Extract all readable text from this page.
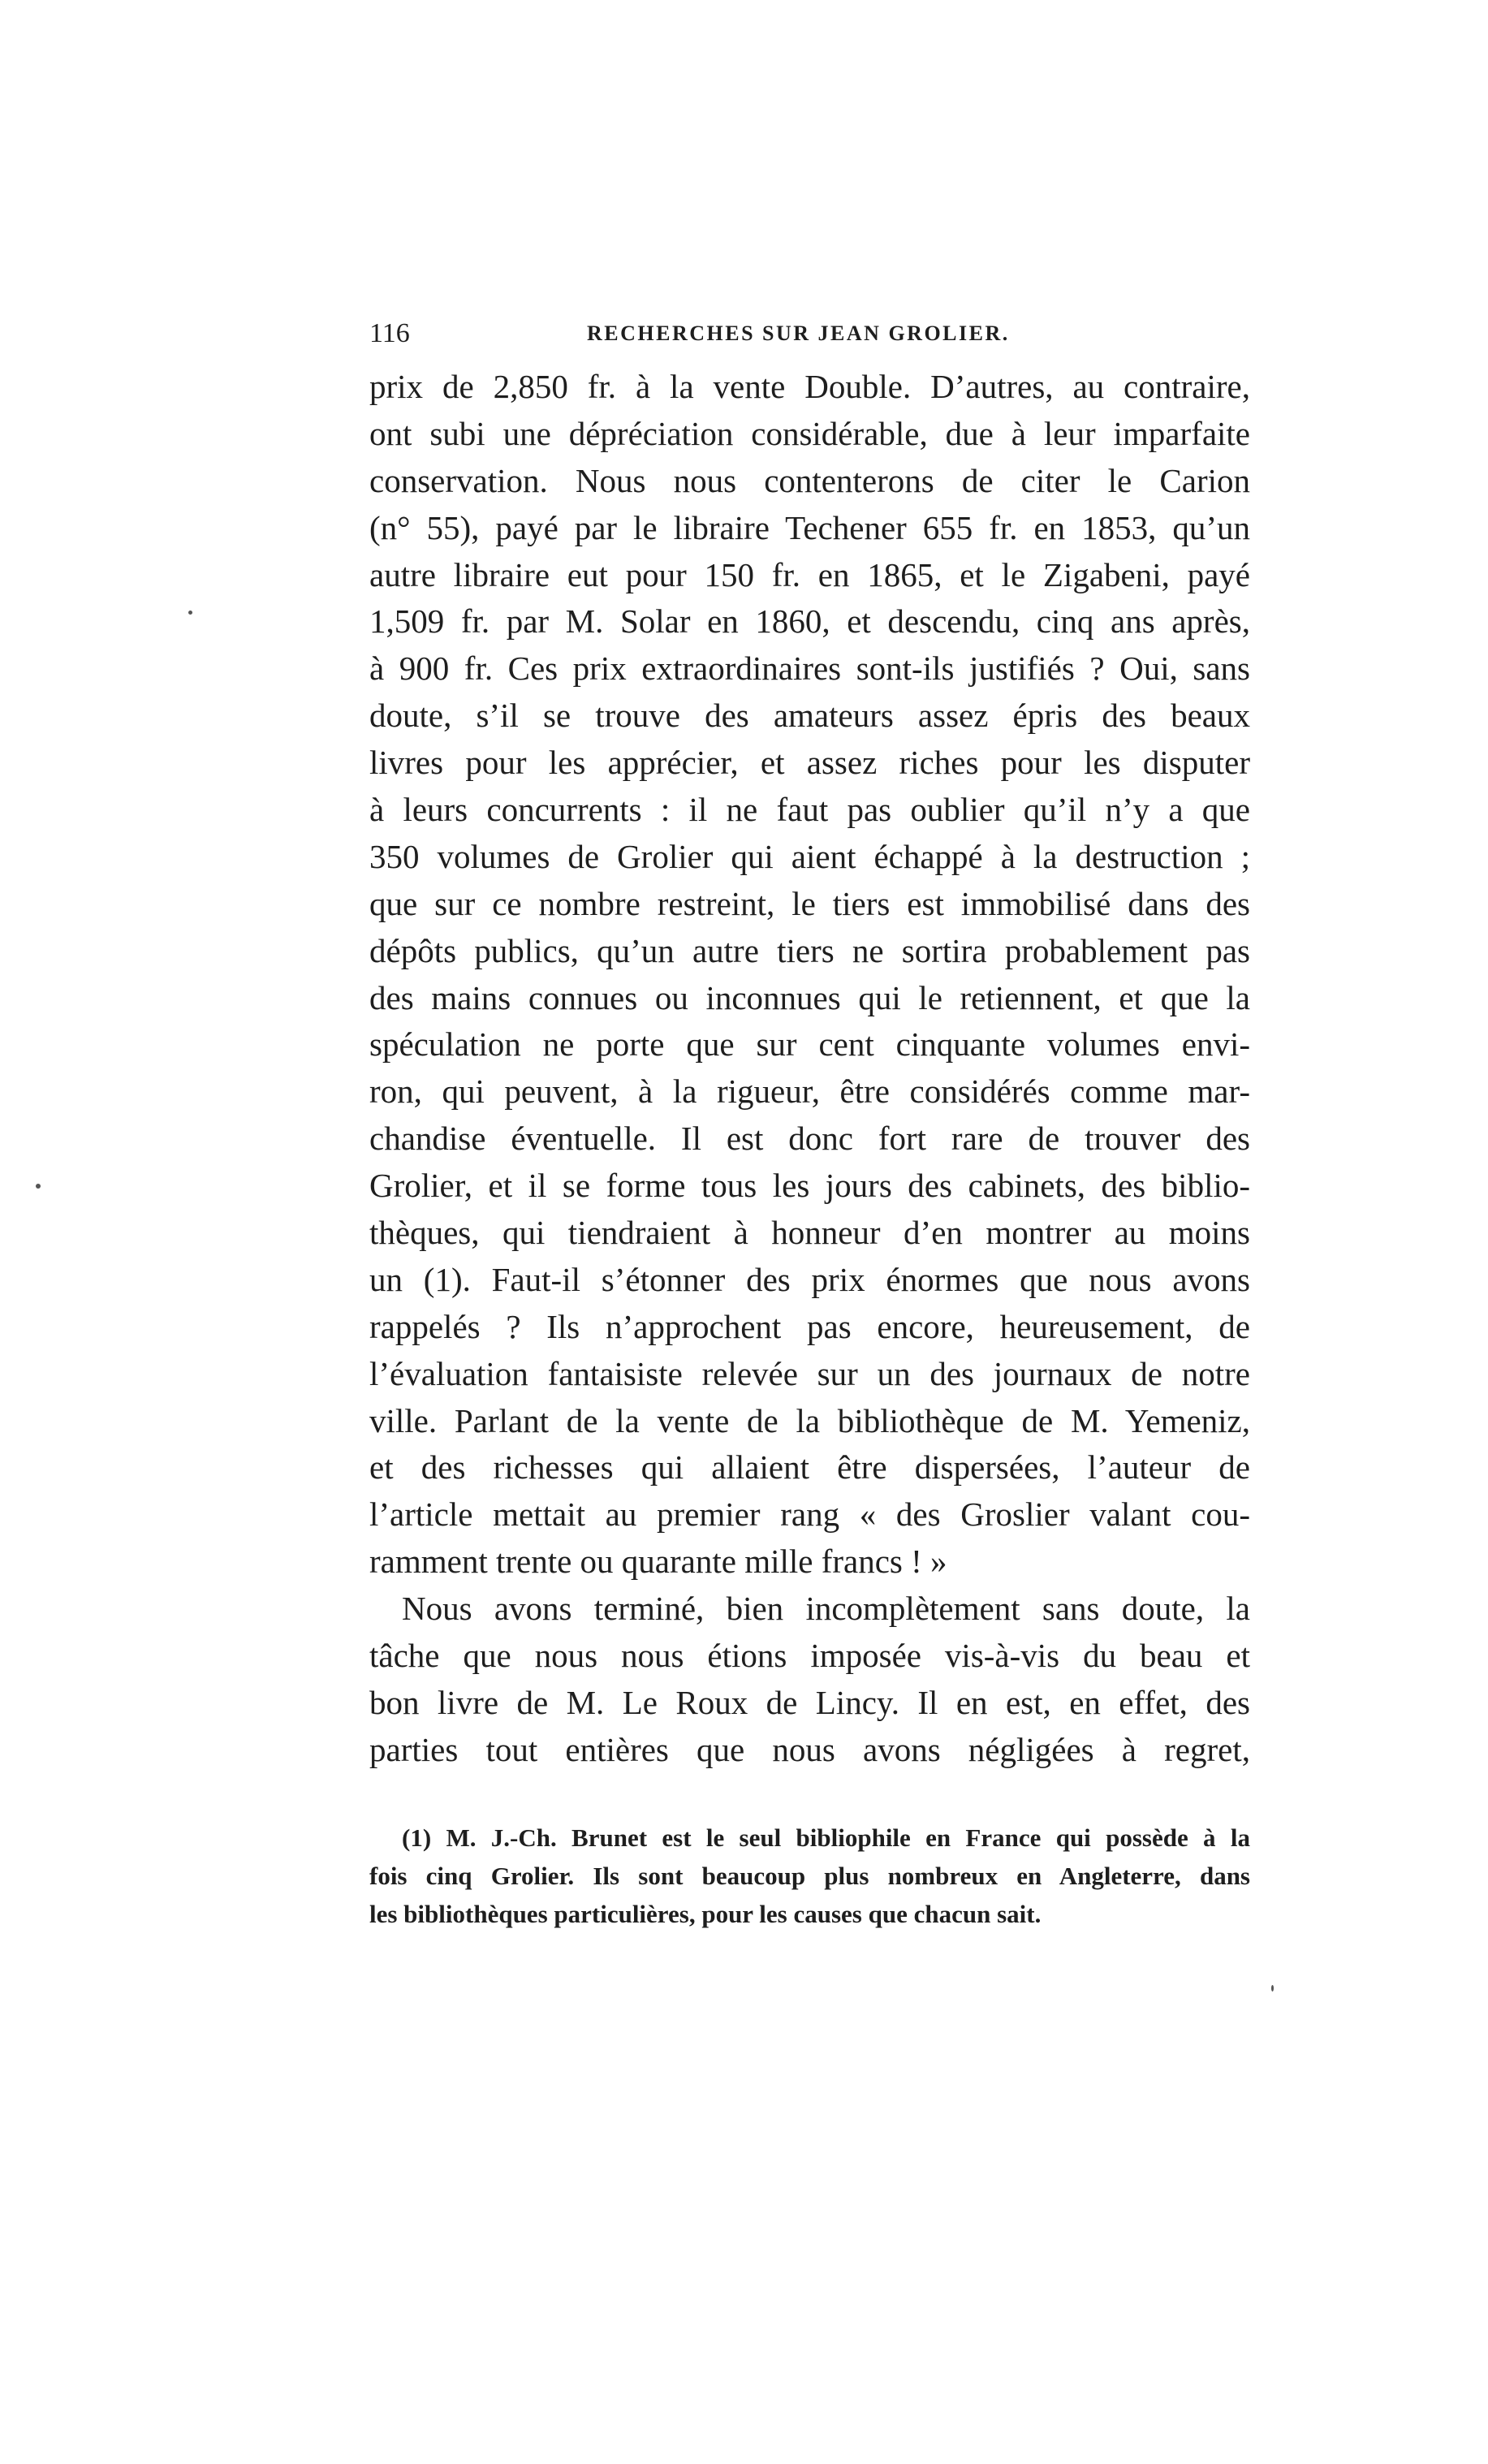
116	RECHERCHES SUR JEAN GROLIER.
prix de 2,850 fr. à la vente Double. D’autres, au contraire,
ont subi une dépréciation considérable, due à leur imparfaite
conservation. Nous nous contenterons de citer le Carion
(n° 55), payé par le libraire Techener 655 fr. en 1853, qu’un
autre libraire eut pour 150 fr. en 1865, et le Zigabeni, payé
1,509 fr. par M. Solar en 1860, et descendu, cinq ans après,
à 900 fr. Ces prix extraordinaires sont-ils justifiés ? Oui, sans
doute, s’il se trouve des amateurs assez épris des beaux
livres pour les apprécier, et assez riches pour les disputer
à leurs concurrents : il ne faut pas oublier qu’il n’y a que
350 volumes de Grolier qui aient échappé à la destruction ;
que sur ce nombre restreint, le tiers est immobilisé dans des
dépôts publics, qu’un autre tiers ne sortira probablement pas
des mains connues ou inconnues qui le retiennent, et que la
spéculation ne porte que sur cent cinquante volumes envi-
ron, qui peuvent, à la rigueur, être considérés comme mar-
chandise éventuelle. Il est donc fort rare de trouver des
Grolier, et il se forme tous les jours des cabinets, des biblio-
thèques, qui tiendraient à honneur d’en montrer au moins
un (1). Faut-il s’étonner des prix énormes que nous avons
rappelés ? Ils n’approchent pas encore, heureusement, de
l’évaluation fantaisiste relevée sur un des journaux de notre
ville. Parlant de la vente de la bibliothèque de M. Yemeniz,
et des richesses qui allaient être dispersées, l’auteur de
l’article mettait au premier rang « des Groslier valant cou-
ramment trente ou quarante mille francs ! »
Nous avons terminé, bien incomplètement sans doute, la
tâche que nous nous étions imposée vis-à-vis du beau et
bon livre de M. Le Roux de Lincy. Il en est, en effet, des
parties tout entières que nous avons négligées à regret,
(1) M. J.-Ch. Brunet est le seul bibliophile en France qui possède à la
fois cinq Grolier. Ils sont beaucoup plus nombreux en Angleterre, dans
les bibliothèques particulières, pour les causes que chacun sait.
